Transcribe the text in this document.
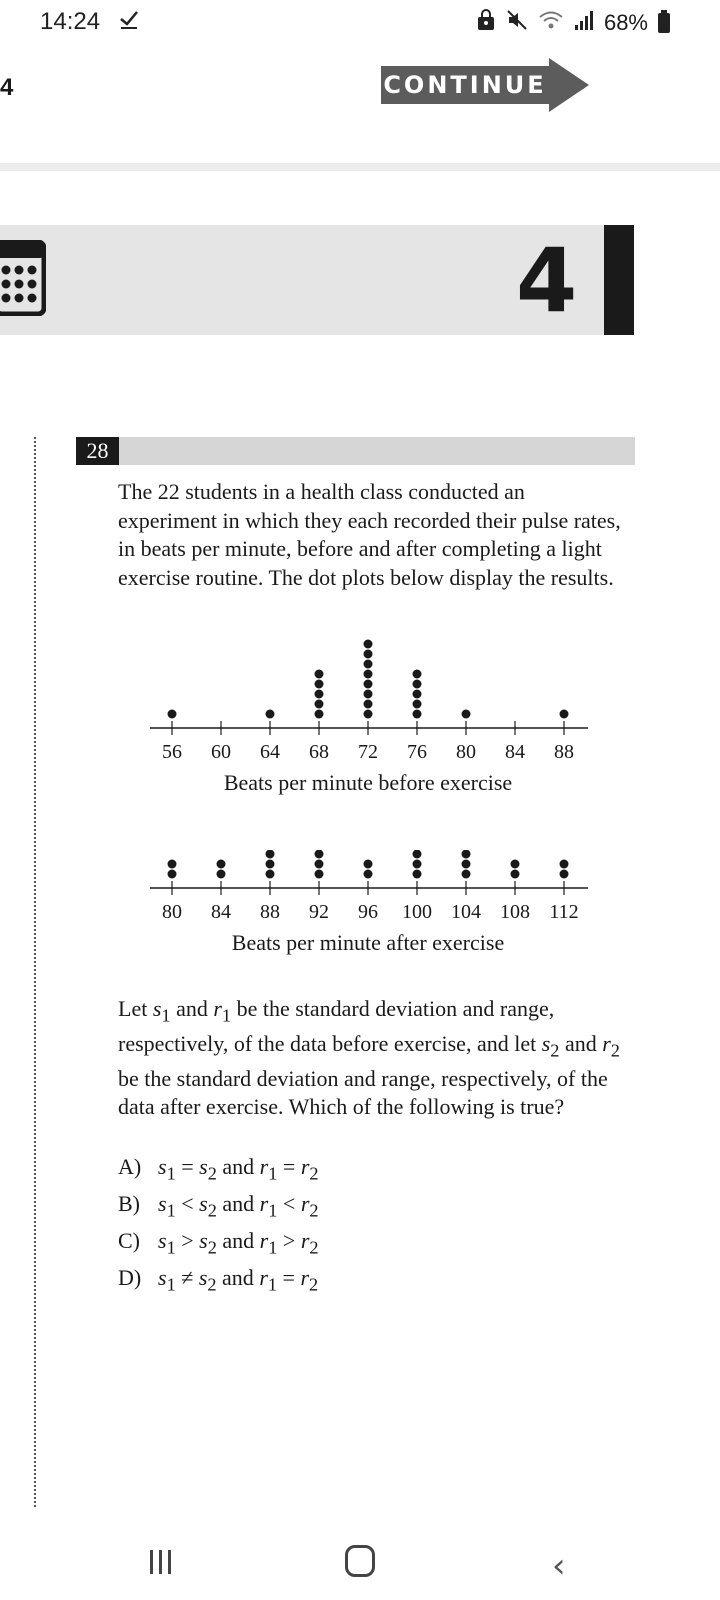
14:24	68%
4	CONTINUE
4
28

The 22 students in a health class conducted an experiment in which they each recorded their pulse rates, in beats per minute, before and after completing a light exercise routine. The dot plots below display the results.

56 60 64 68 72 76 80 84 88
Beats per minute before exercise
80 84 88 92 96 100 104 108 112
Beats per minute after exercise

Let $s_1$ and $r_1$ be the standard deviation and range, respectively, of the data before exercise, and let $s_2$ and $r_2$ be the standard deviation and range, respectively, of the data after exercise. Which of the following is true?

A) $s_1 = s_2$ and $r_1 = r_2$
B) $s_1 < s_2$ and $r_1 < r_2$
C) $s_1 > s_2$ and $r_1 > r_2$
D) $s_1 \ne s_2$ and $r_1 = r_2$
‹
